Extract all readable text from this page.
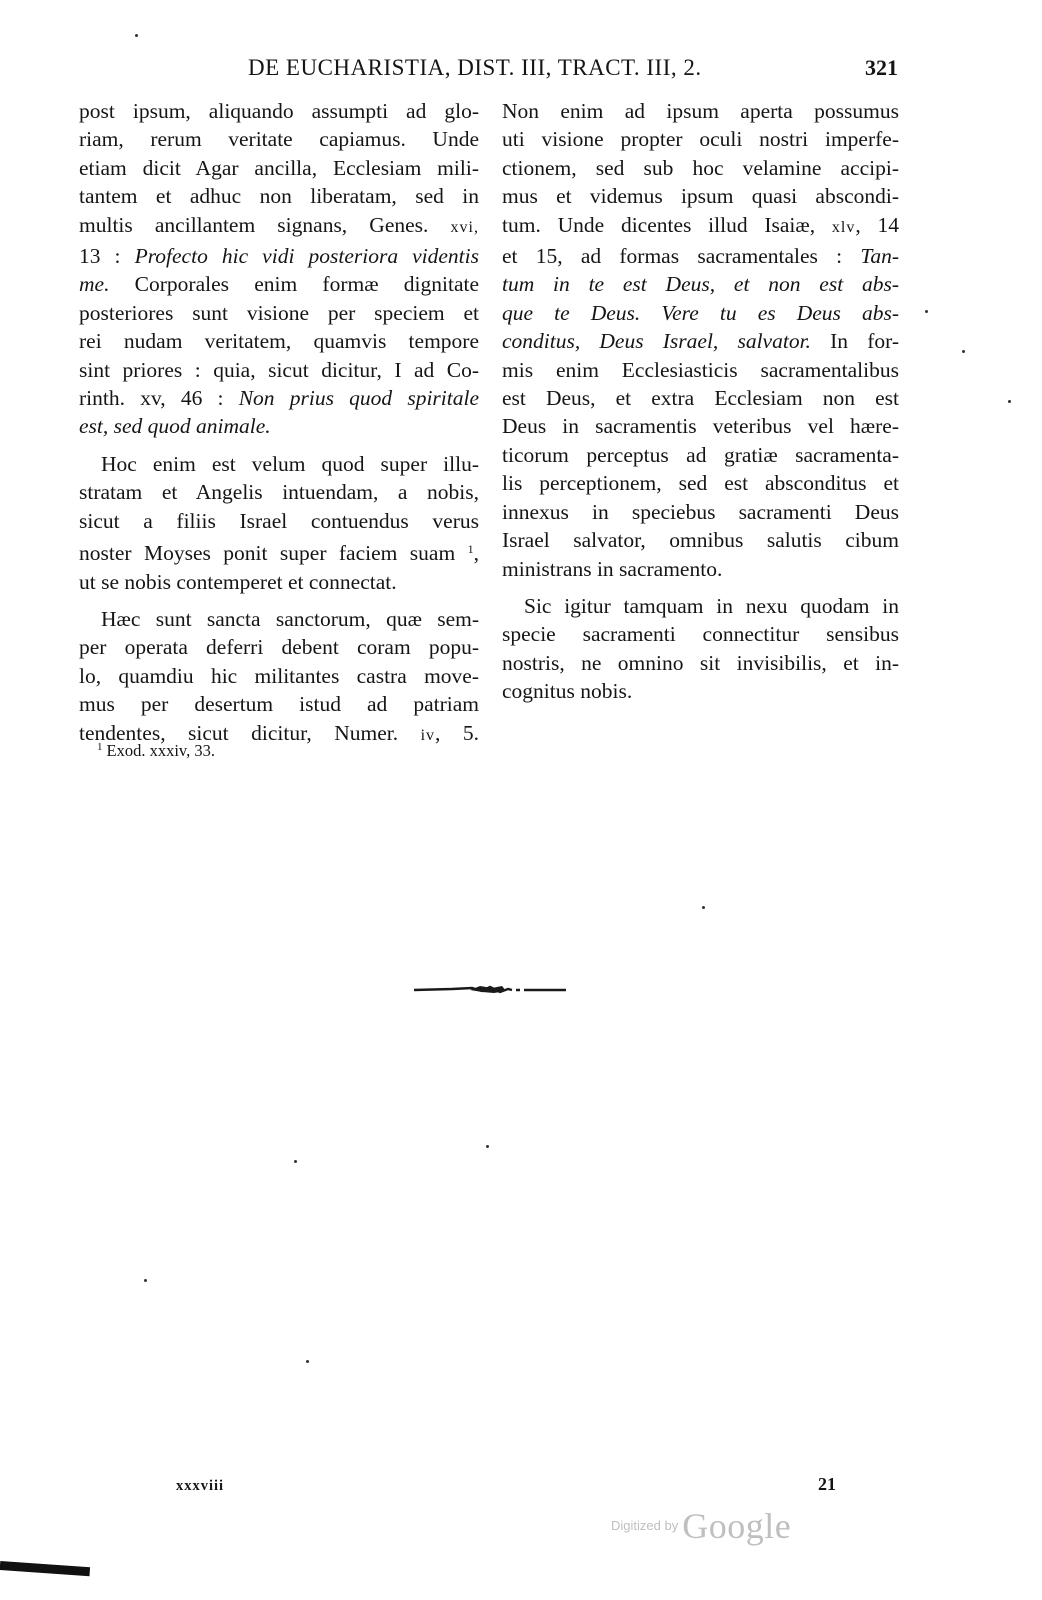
DE EUCHARISTIA, DIST. III, TRACT. III, 2.	321

post ipsum, aliquando assumpti ad glo-
riam, rerum veritate capiamus. Unde
etiam dicit Agar ancilla, Ecclesiam mili-
tantem et adhuc non liberatam, sed in
multis ancillantem signans, Genes. xvi,
13 : Profecto hic vidi posteriora videntis
me. Corporales enim formæ dignitate
posteriores sunt visione per speciem et
rei nudam veritatem, quamvis tempore
sint priores : quia, sicut dicitur, I ad Co-
rinth. xv, 46 : Non prius quod spiritale
est, sed quod animale.

Hoc enim est velum quod super illu-
stratam et Angelis intuendam, a nobis,
sicut a filiis Israel contuendus verus
noster Moyses ponit super faciem suam $^1$,
ut se nobis contemperet et connectat.

Hæc sunt sancta sanctorum, quæ sem-
per operata deferri debent coram popu-
lo, quamdiu hic militantes castra move-
mus per desertum istud ad patriam
tendentes, sicut dicitur, Numer. iv, 5.

Non enim ad ipsum aperta possumus
uti visione propter oculi nostri imperfe-
ctionem, sed sub hoc velamine accipi-
mus et videmus ipsum quasi abscondi-
tum. Unde dicentes illud Isaiæ, xlv, 14
et 15, ad formas sacramentales : Tan-
tum in te est Deus, et non est abs-
que te Deus. Vere tu es Deus abs-
conditus, Deus Israel, salvator. In for-
mis enim Ecclesiasticis sacramentalibus
est Deus, et extra Ecclesiam non est
Deus in sacramentis veteribus vel hære-
ticorum perceptus ad gratiæ sacramenta-
lis perceptionem, sed est absconditus et
innexus in speciebus sacramenti Deus
Israel salvator, omnibus salutis cibum
ministrans in sacramento.

Sic igitur tamquam in nexu quodam in
specie sacramenti connectitur sensibus
nostris, ne omnino sit invisibilis, et in-
cognitus nobis.

$^1$ Exod. xxxiv, 33.
xxxviii	21
$^{Digitized by}$ Google
